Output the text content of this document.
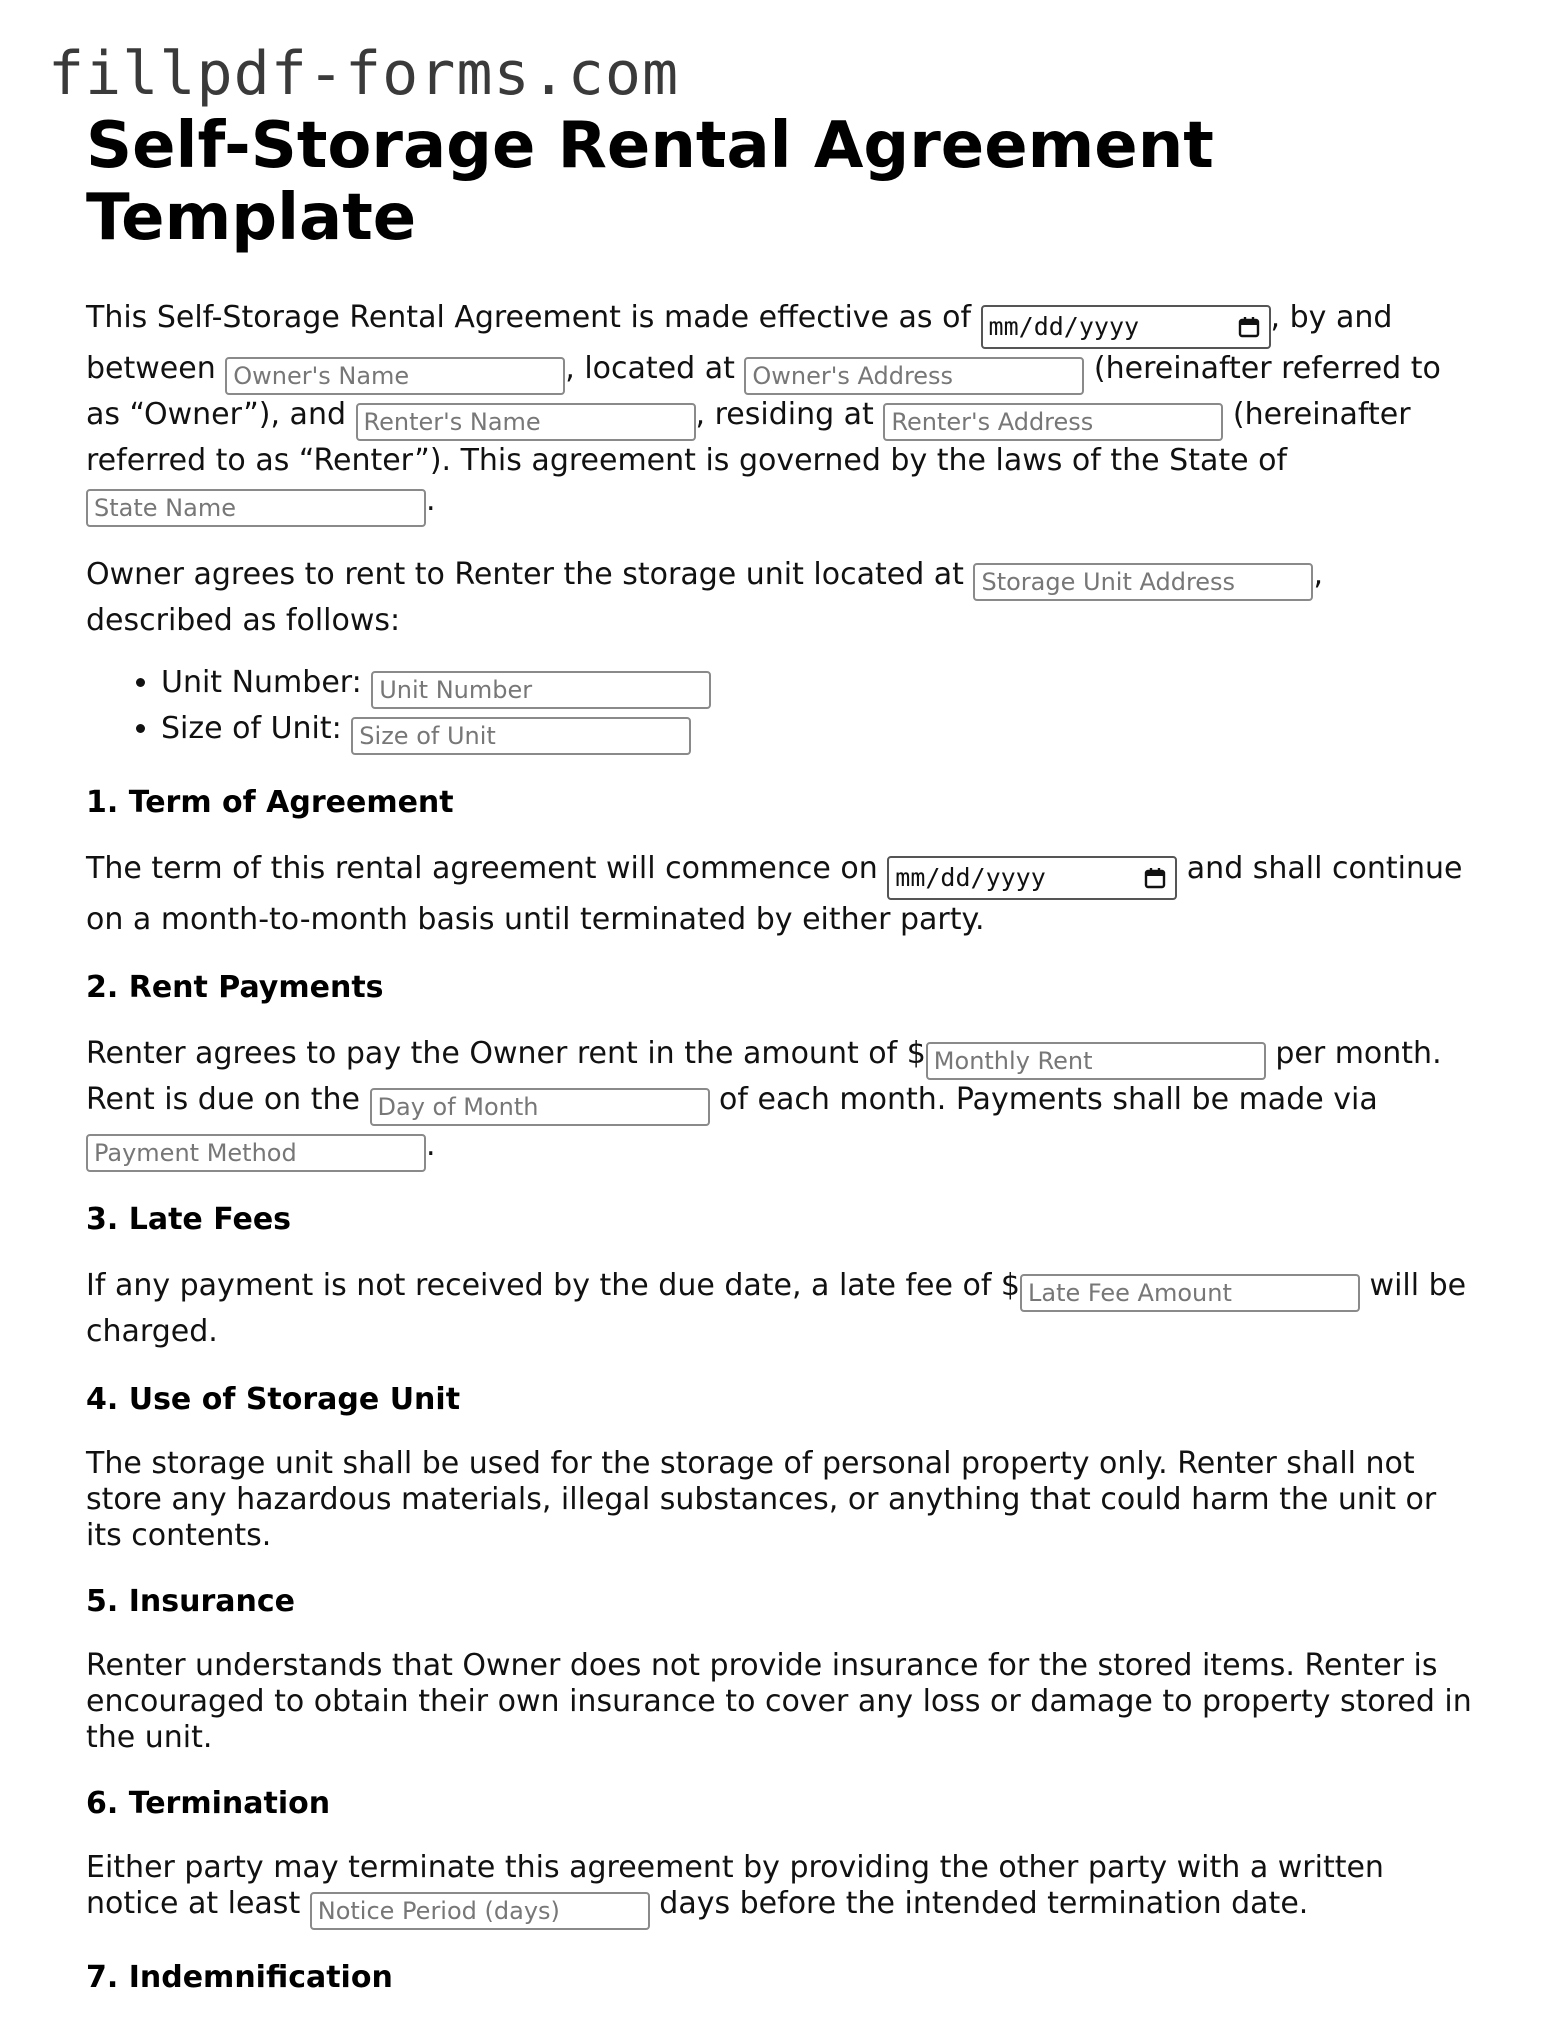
fillpdf-forms.com
Self-Storage Rental Agreement Template

This Self-Storage Rental Agreement is made effective as of mm/dd/yyyy	, by and between Owner's Name	, located at Owner's Address	(hereinafter referred to as “Owner”), and Renter's Name	, residing at Renter's Address	(hereinafter referred to as “Renter”). This agreement is governed by the laws of the State of State Name.

Owner agrees to rent to Renter the storage unit located at Storage Unit Address	, described as follows:

• Unit Number: Unit Number
• Size of Unit: Size of Unit
1. Term of Agreement

The term of this rental agreement will commence on mm/dd/yyyy	and shall continue on a month-to-month basis until terminated by either party.

2. Rent Payments

Renter agrees to pay the Owner rent in the amount of $Monthly Rent	per month. Rent is due on the Day of Month	of each month. Payments shall be made via Payment Method.

3. Late Fees

If any payment is not received by the due date, a late fee of $Late Fee Amount	will be charged.

4. Use of Storage Unit

The storage unit shall be used for the storage of personal property only. Renter shall not store any hazardous materials, illegal substances, or anything that could harm the unit or its contents.

5. Insurance

Renter understands that Owner does not provide insurance for the stored items. Renter is encouraged to obtain their own insurance to cover any loss or damage to property stored in the unit.

6. Termination

Either party may terminate this agreement by providing the other party with a written notice at least Notice Period (days)	days before the intended termination date.

7. Indemnification
